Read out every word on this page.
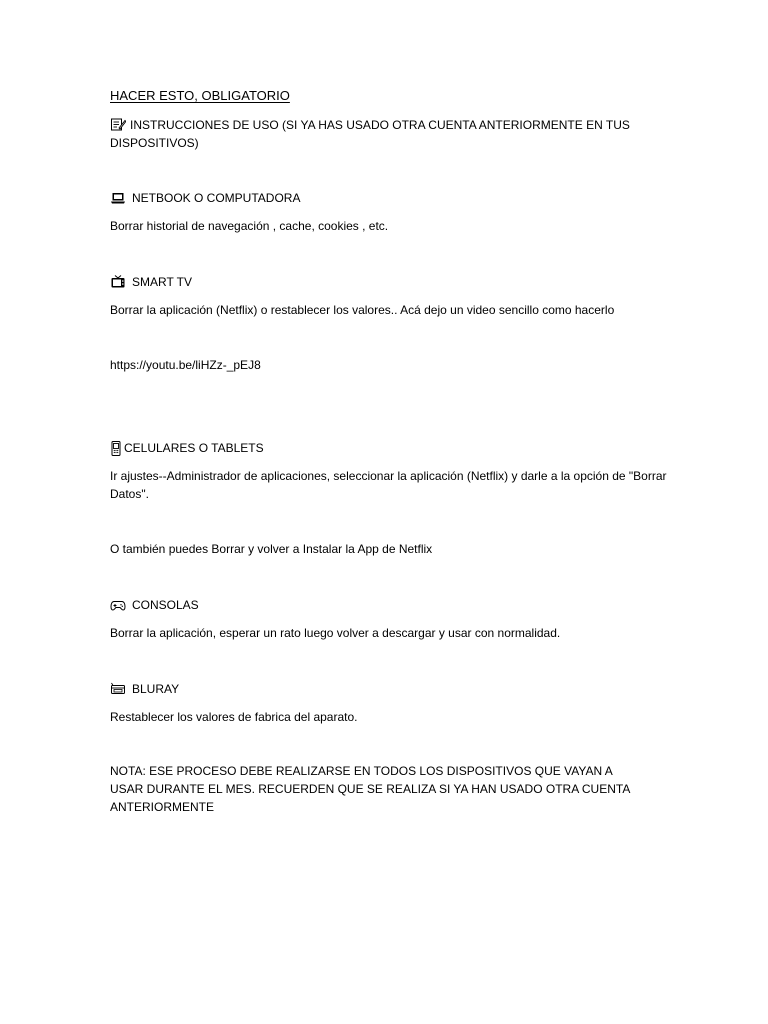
HACER ESTO, OBLIGATORIO
INSTRUCCIONES DE USO (SI YA HAS USADO OTRA CUENTA ANTERIORMENTE EN TUS DISPOSITIVOS)
NETBOOK O COMPUTADORA
Borrar historial de navegación , cache, cookies , etc.
SMART TV
Borrar la aplicación (Netflix) o restablecer los valores.. Acá dejo un video sencillo como hacerlo
https://youtu.be/liHZz-_pEJ8
CELULARES O TABLETS
Ir ajustes--Administrador de aplicaciones, seleccionar la aplicación (Netflix) y darle a la opción de "Borrar Datos".
O también puedes Borrar y volver a Instalar la App de Netflix
CONSOLAS
Borrar la aplicación, esperar un rato luego volver a descargar y usar con normalidad.
BLURAY
Restablecer los valores de fabrica del aparato.
NOTA: ESE PROCESO DEBE REALIZARSE EN TODOS LOS DISPOSITIVOS QUE VAYAN A USAR DURANTE EL MES. RECUERDEN QUE SE REALIZA SI YA HAN USADO OTRA CUENTA ANTERIORMENTE
